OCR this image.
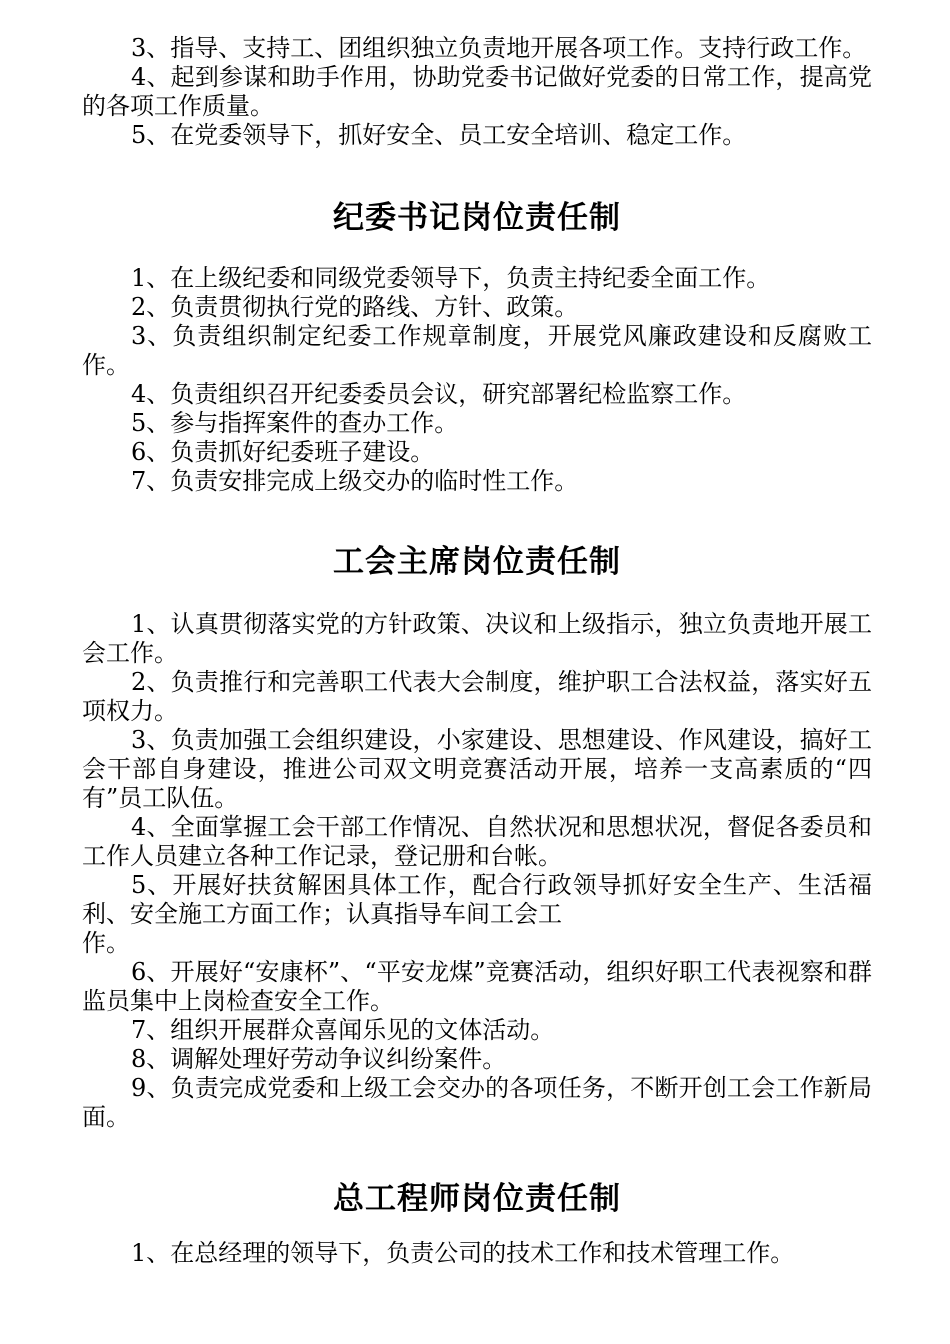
3、指导、支持工、团组织独立负责地开展各项工作。支持行政工作。

4、起到参谋和助手作用，协助党委书记做好党委的日常工作，提高党的各项工作质量。

5、在党委领导下，抓好安全、员工安全培训、稳定工作。

纪委书记岗位责任制

1、在上级纪委和同级党委领导下，负责主持纪委全面工作。

2、负责贯彻执行党的路线、方针、政策。

3、负责组织制定纪委工作规章制度，开展党风廉政建设和反腐败工作。

4、负责组织召开纪委委员会议，研究部署纪检监察工作。

5、参与指挥案件的查办工作。

6、负责抓好纪委班子建设。

7、负责安排完成上级交办的临时性工作。

工会主席岗位责任制

1、认真贯彻落实党的方针政策、决议和上级指示，独立负责地开展工会工作。

2、负责推行和完善职工代表大会制度，维护职工合法权益，落实好五项权力。

3、负责加强工会组织建设，小家建设、思想建设、作风建设，搞好工会干部自身建设，推进公司双文明竞赛活动开展，培养一支高素质的“四有”员工队伍。

4、全面掌握工会干部工作情况、自然状况和思想状况，督促各委员和工作人员建立各种工作记录，登记册和台帐。

5、开展好扶贫解困具体工作，配合行政领导抓好安全生产、生活福利、安全施工方面工作；认真指导车间工会工
作。

6、开展好“安康杯”、“平安龙煤”竞赛活动，组织好职工代表视察和群监员集中上岗检查安全工作。

7、组织开展群众喜闻乐见的文体活动。

8、调解处理好劳动争议纠纷案件。

9、负责完成党委和上级工会交办的各项任务，不断开创工会工作新局面。

总工程师岗位责任制

1、在总经理的领导下，负责公司的技术工作和技术管理工作。
